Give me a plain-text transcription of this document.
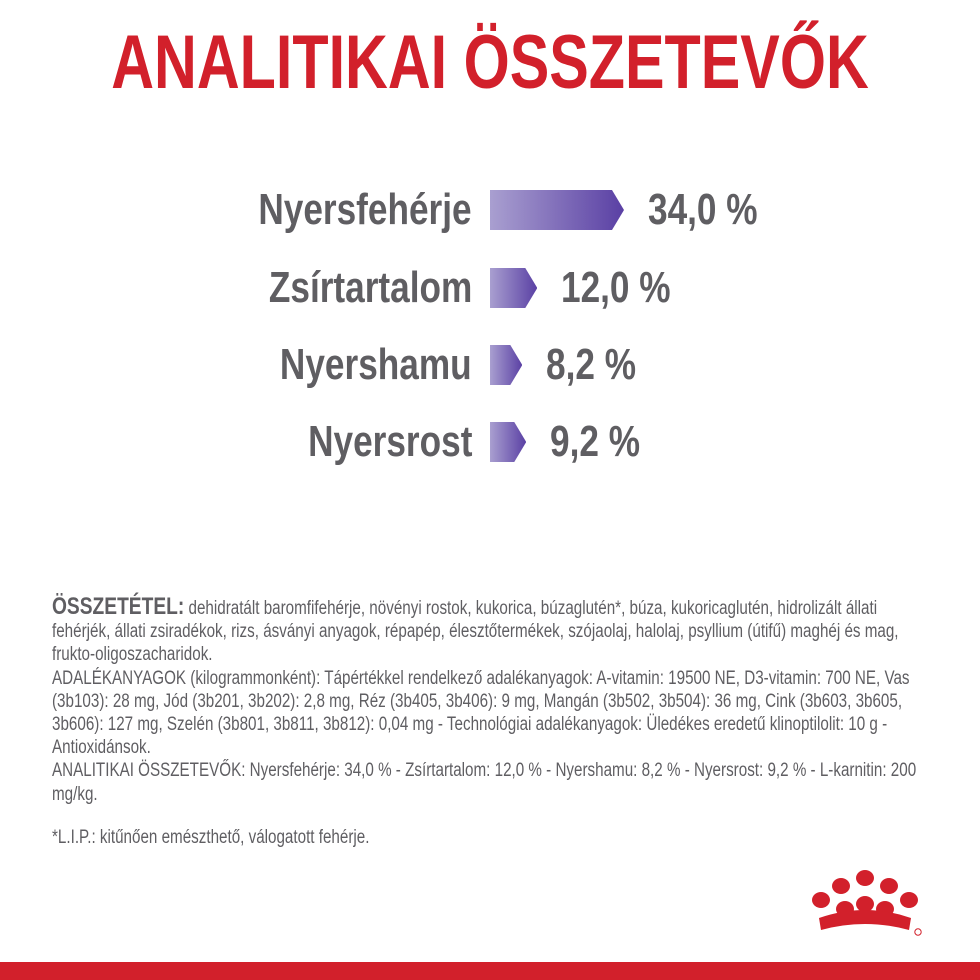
ANALITIKAI ÖSSZETEVŐK
Nyersfehérje	34,0 %
Zsírtartalom 12,0 %
Nyershamu 8,2 %
Nyersrost 9,2 %

ÖSSZETÉTEL: dehidratált baromfifehérje, növényi rostok, kukorica, búzaglutén*, búza, kukoricaglutén, hidrolizált állati fehérjék, állati zsiradékok, rizs, ásványi anyagok, répapép, élesztőtermékek, szójaolaj, halolaj, psyllium (útifű) maghéj és mag, frukto-oligoszacharidok.

ADALÉKANYAGOK (kilogrammonként): Tápértékkel rendelkező adalékanyagok: A-vitamin: 19500 NE, D3-vitamin: 700 NE, Vas (3b103): 28 mg, Jód (3b201, 3b202): 2,8 mg, Réz (3b405, 3b406): 9 mg, Mangán (3b502, 3b504): 36 mg, Cink (3b603, 3b605, 3b606): 127 mg, Szelén (3b801, 3b811, 3b812): 0,04 mg - Technológiai adalékanyagok: Üledékes eredetű klinoptilolit: 10 g - Antioxidánsok.

ANALITIKAI ÖSSZETEVŐK: Nyersfehérje: 34,0 % - Zsírtartalom: 12,0 % - Nyershamu: 8,2 % - Nyersrost: 9,2 % - L-karnitin: 200 mg/kg.

*L.I.P.: kitűnően emészthető, válogatott fehérje.
